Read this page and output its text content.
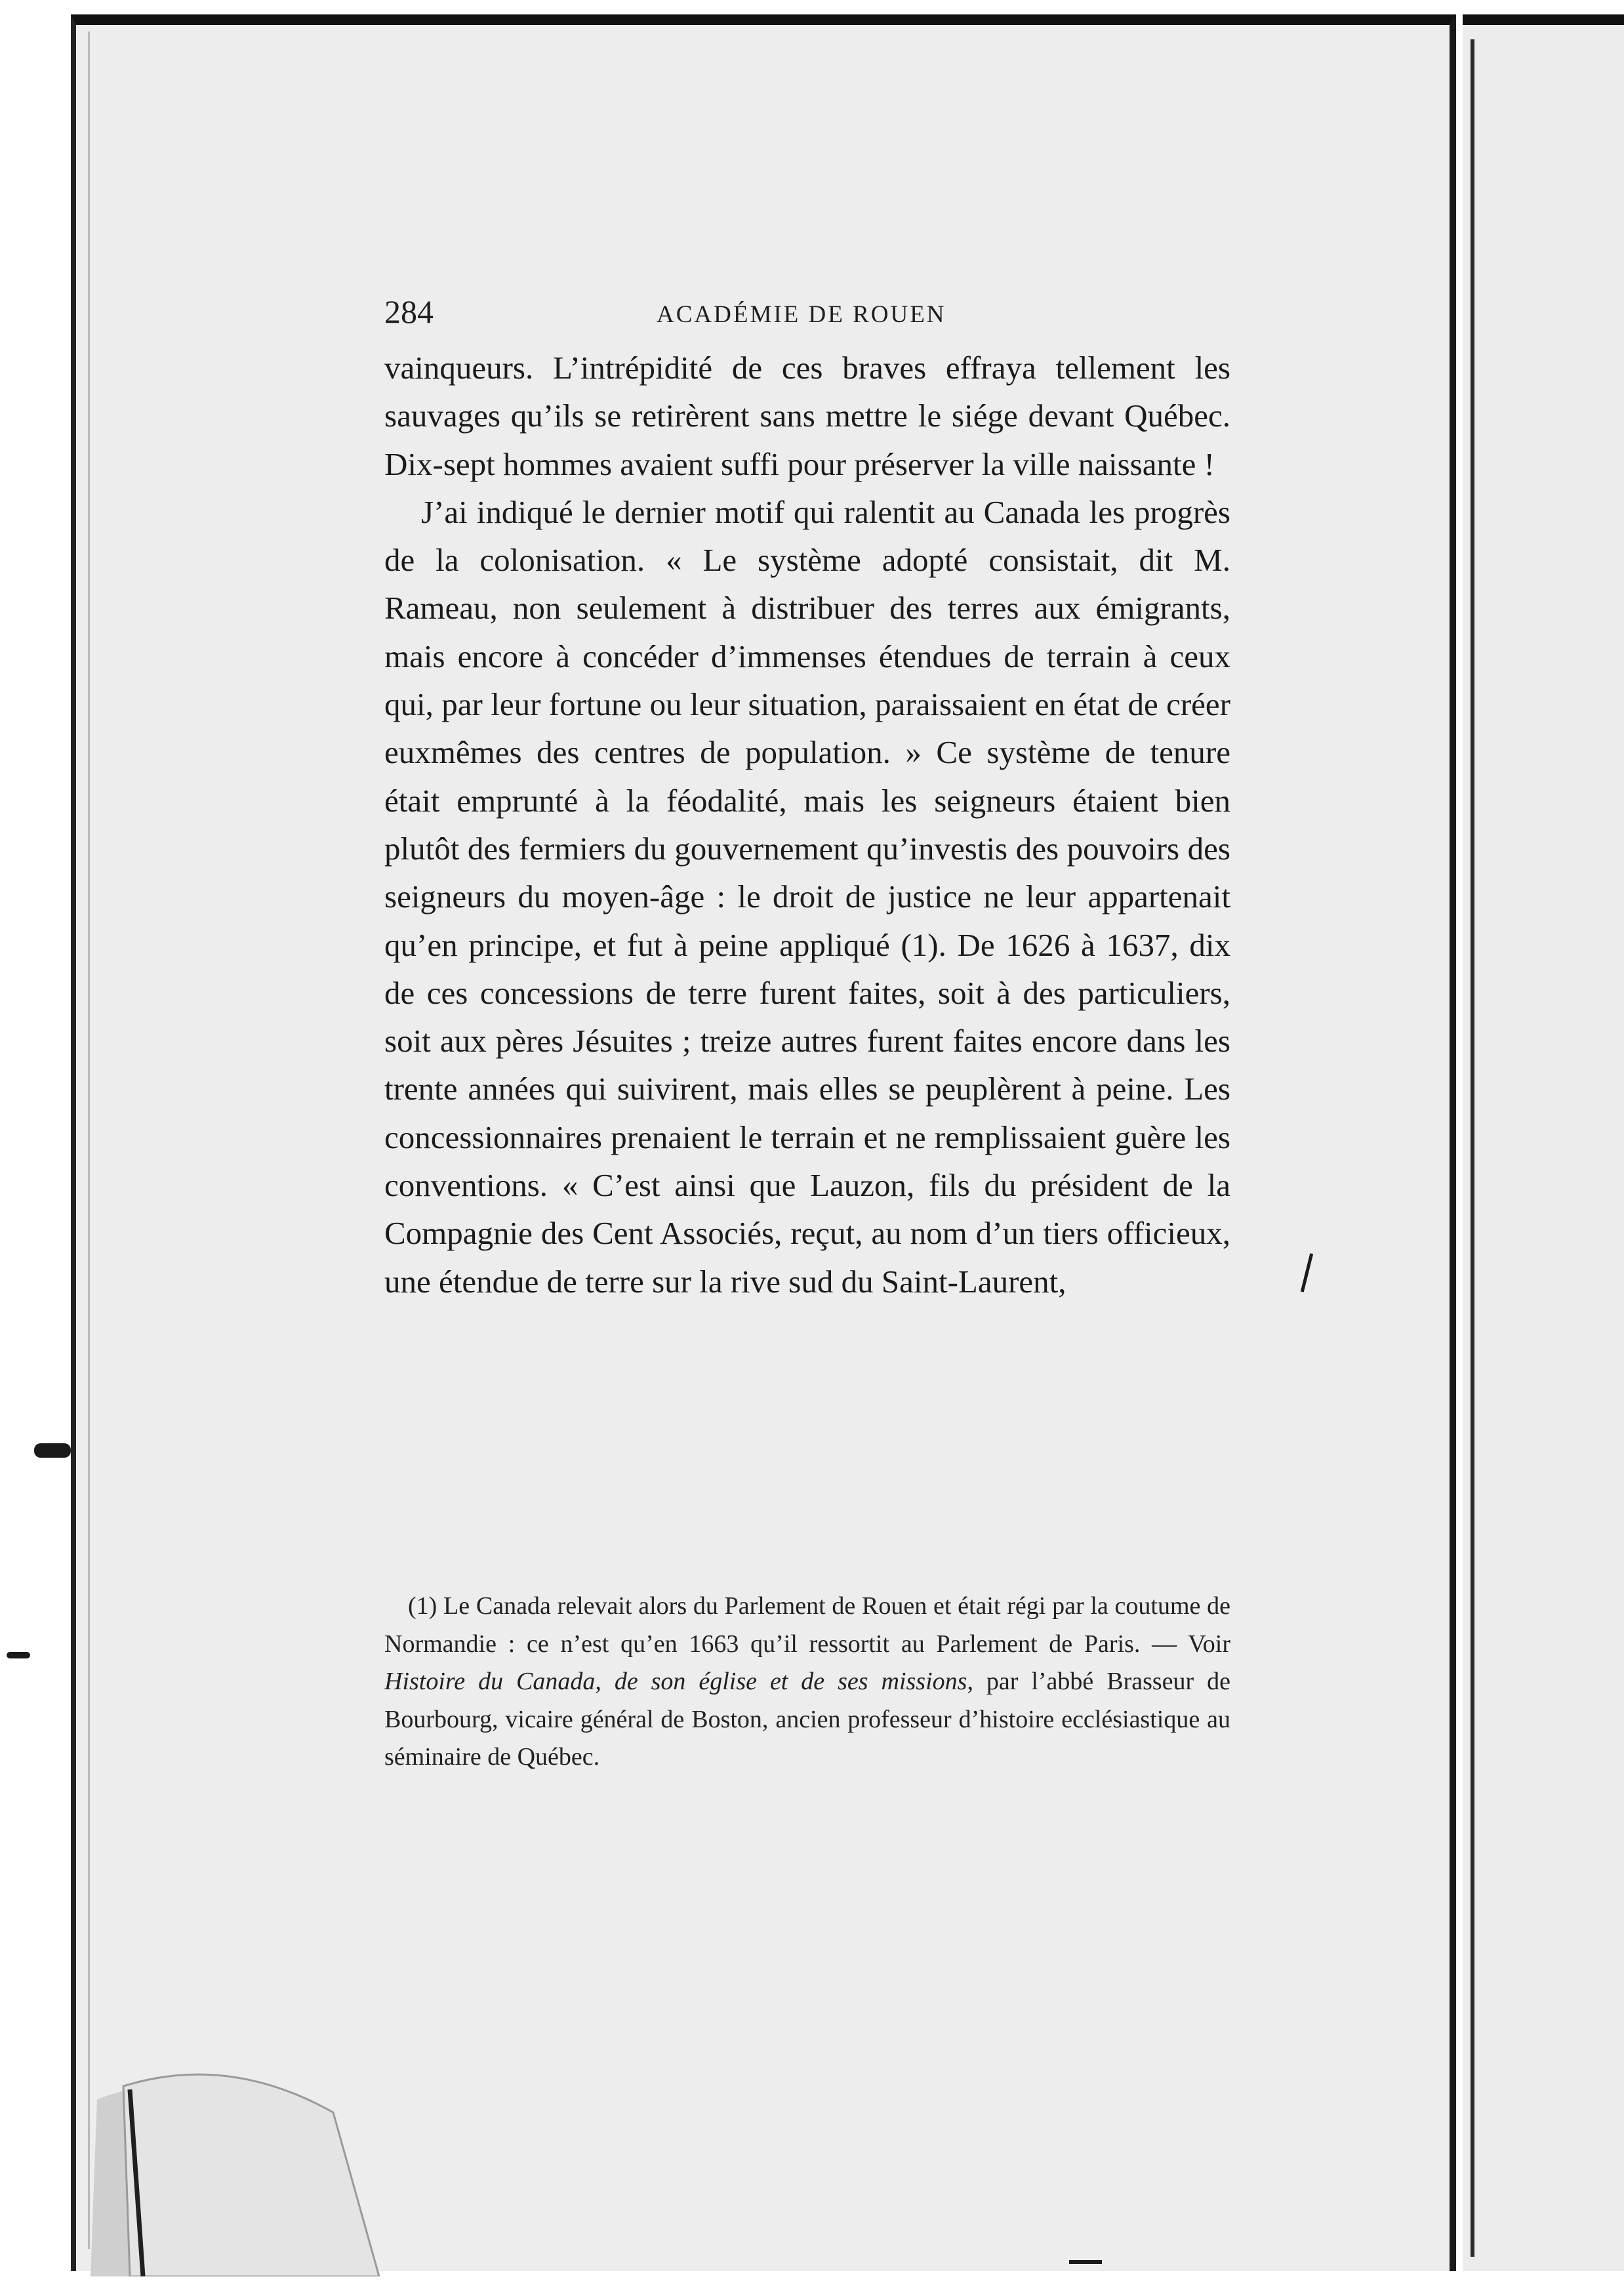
284	ACADÉMIE DE ROUEN

vainqueurs. L’intrépidité de ces braves effraya tellement les sauvages qu’ils se retirèrent sans mettre le siége devant Québec. Dix-sept hommes avaient suffi pour préserver la ville naissante !

J’ai indiqué le dernier motif qui ralentit au Canada les progrès de la colonisation. « Le système adopté consistait, dit M. Rameau, non seulement à distribuer des terres aux émigrants, mais encore à concéder d’immenses étendues de terrain à ceux qui, par leur fortune ou leur situation, paraissaient en état de créer euxmêmes des centres de population. » Ce système de tenure était emprunté à la féodalité, mais les seigneurs étaient bien plutôt des fermiers du gouvernement qu’investis des pouvoirs des seigneurs du moyen-âge : le droit de justice ne leur appartenait qu’en principe, et fut à peine appliqué (1). De 1626 à 1637, dix de ces concessions de terre furent faites, soit à des particuliers, soit aux pères Jésuites ; treize autres furent faites encore dans les trente années qui suivirent, mais elles se peuplèrent à peine. Les concessionnaires prenaient le terrain et ne remplissaient guère les conventions. « C’est ainsi que Lauzon, fils du président de la Compagnie des Cent Associés, reçut, au nom d’un tiers officieux, une étendue de terre sur la rive sud du Saint-Laurent,

(1) Le Canada relevait alors du Parlement de Rouen et était régi par la coutume de Normandie : ce n’est qu’en 1663 qu’il ressortit au Parlement de Paris. — Voir Histoire du Canada, de son église et de ses missions, par l’abbé Brasseur de Bourbourg, vicaire général de Boston, ancien professeur d’histoire ecclésiastique au séminaire de Québec.
